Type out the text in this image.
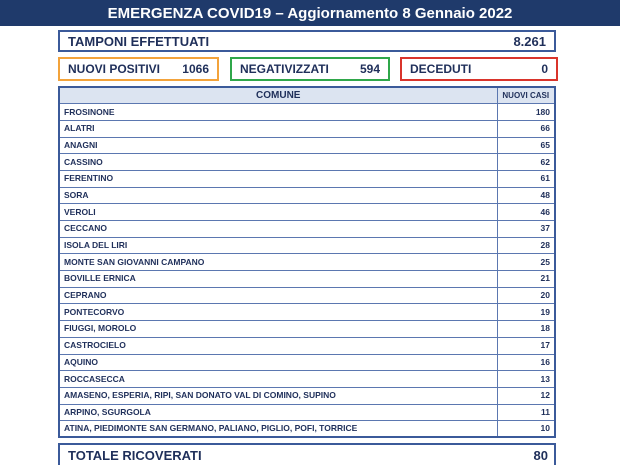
EMERGENZA COVID19 – Aggiornamento 8 Gennaio 2022
TAMPONI EFFETTUATI	8.261
NUOVI POSITIVI 1066	NEGATIVIZZATI	594	DECEDUTI	0
COMUNE	NUOVI CASI
FROSINONE	180
ALATRI	66
ANAGNI	65
CASSINO	62
FERENTINO	61
SORA	48
VEROLI	46
CECCANO	37
ISOLA DEL LIRI	28
MONTE SAN GIOVANNI CAMPANO	25
BOVILLE ERNICA	21
CEPRANO	20
PONTECORVO	19
FIUGGI, MOROLO	18
CASTROCIELO	17
AQUINO	16
ROCCASECCA	13
AMASENO, ESPERIA, RIPI, SAN DONATO VAL DI COMINO, SUPINO	12
ARPINO, SGURGOLA	11
ATINA, PIEDIMONTE SAN GERMANO, PALIANO, PIGLIO, POFI, TORRICE	10
TOTALE RICOVERATI	80
